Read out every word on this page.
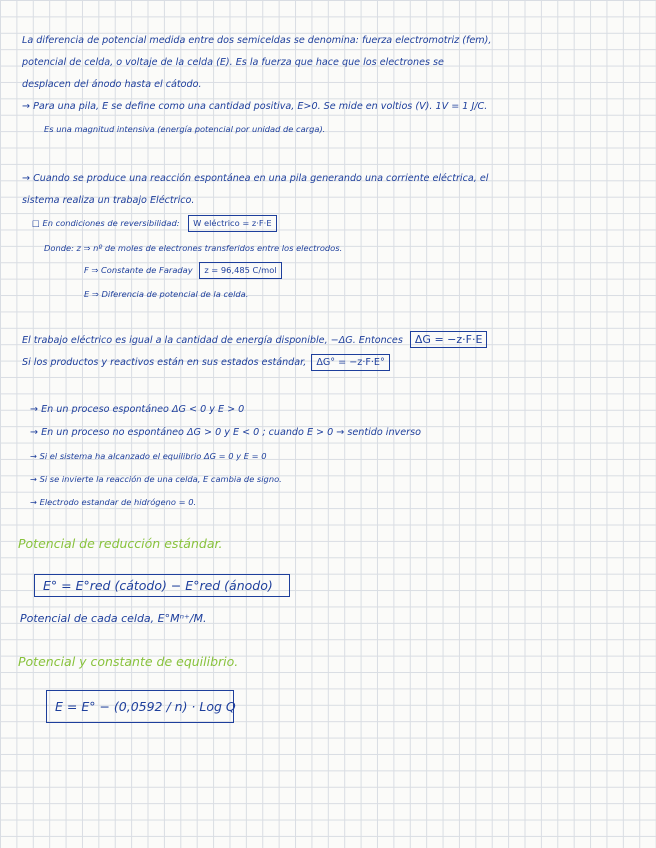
La diferencia de potencial medida entre dos semiceldas se denomina: fuerza electromotriz (fem),
potencial de celda, o voltaje de la celda (E). Es la fuerza que hace que los electrones se
desplacen del ánodo hasta el cátodo.
→ Para una pila, E se define como una cantidad positiva, E>0. Se mide en voltios (V). 1V = 1 J/C.
Es una magnitud intensiva (energía potencial por unidad de carga).
→ Cuando se produce una reacción espontánea en una pila generando una corriente eléctrica, el
sistema realiza un trabajo Eléctrico.
□ En condiciones de reversibilidad: W eléctrico = z·F·E
Donde: z ⇒ nº de moles de electrones transferidos entre los electrodos.
F ⇒ Constante de Faraday z = 96,485 C/mol
E ⇒ Diferencia de potencial de la celda.
El trabajo eléctrico es igual a la cantidad de energía disponible, −ΔG. Entonces ΔG = −z·F·E
Si los productos y reactivos están en sus estados estándar, ΔG° = −z·F·E°
→ En un proceso espontáneo ΔG < 0 y E > 0
→ En un proceso no espontáneo ΔG > 0 y E < 0 ; cuando E > 0 → sentido inverso
→ Si el sistema ha alcanzado el equilibrio ΔG = 0 y E = 0
→ Si se invierte la reacción de una celda, E cambia de signo.
→ Electrodo estandar de hidrógeno = 0.
Potencial de reducción estándar.
E° = E°red (cátodo) − E°red (ánodo)
Potencial de cada celda, E°Mⁿ⁺/M.
Potencial y constante de equilibrio.
E = E° − (0,0592 / n) · Log Q
